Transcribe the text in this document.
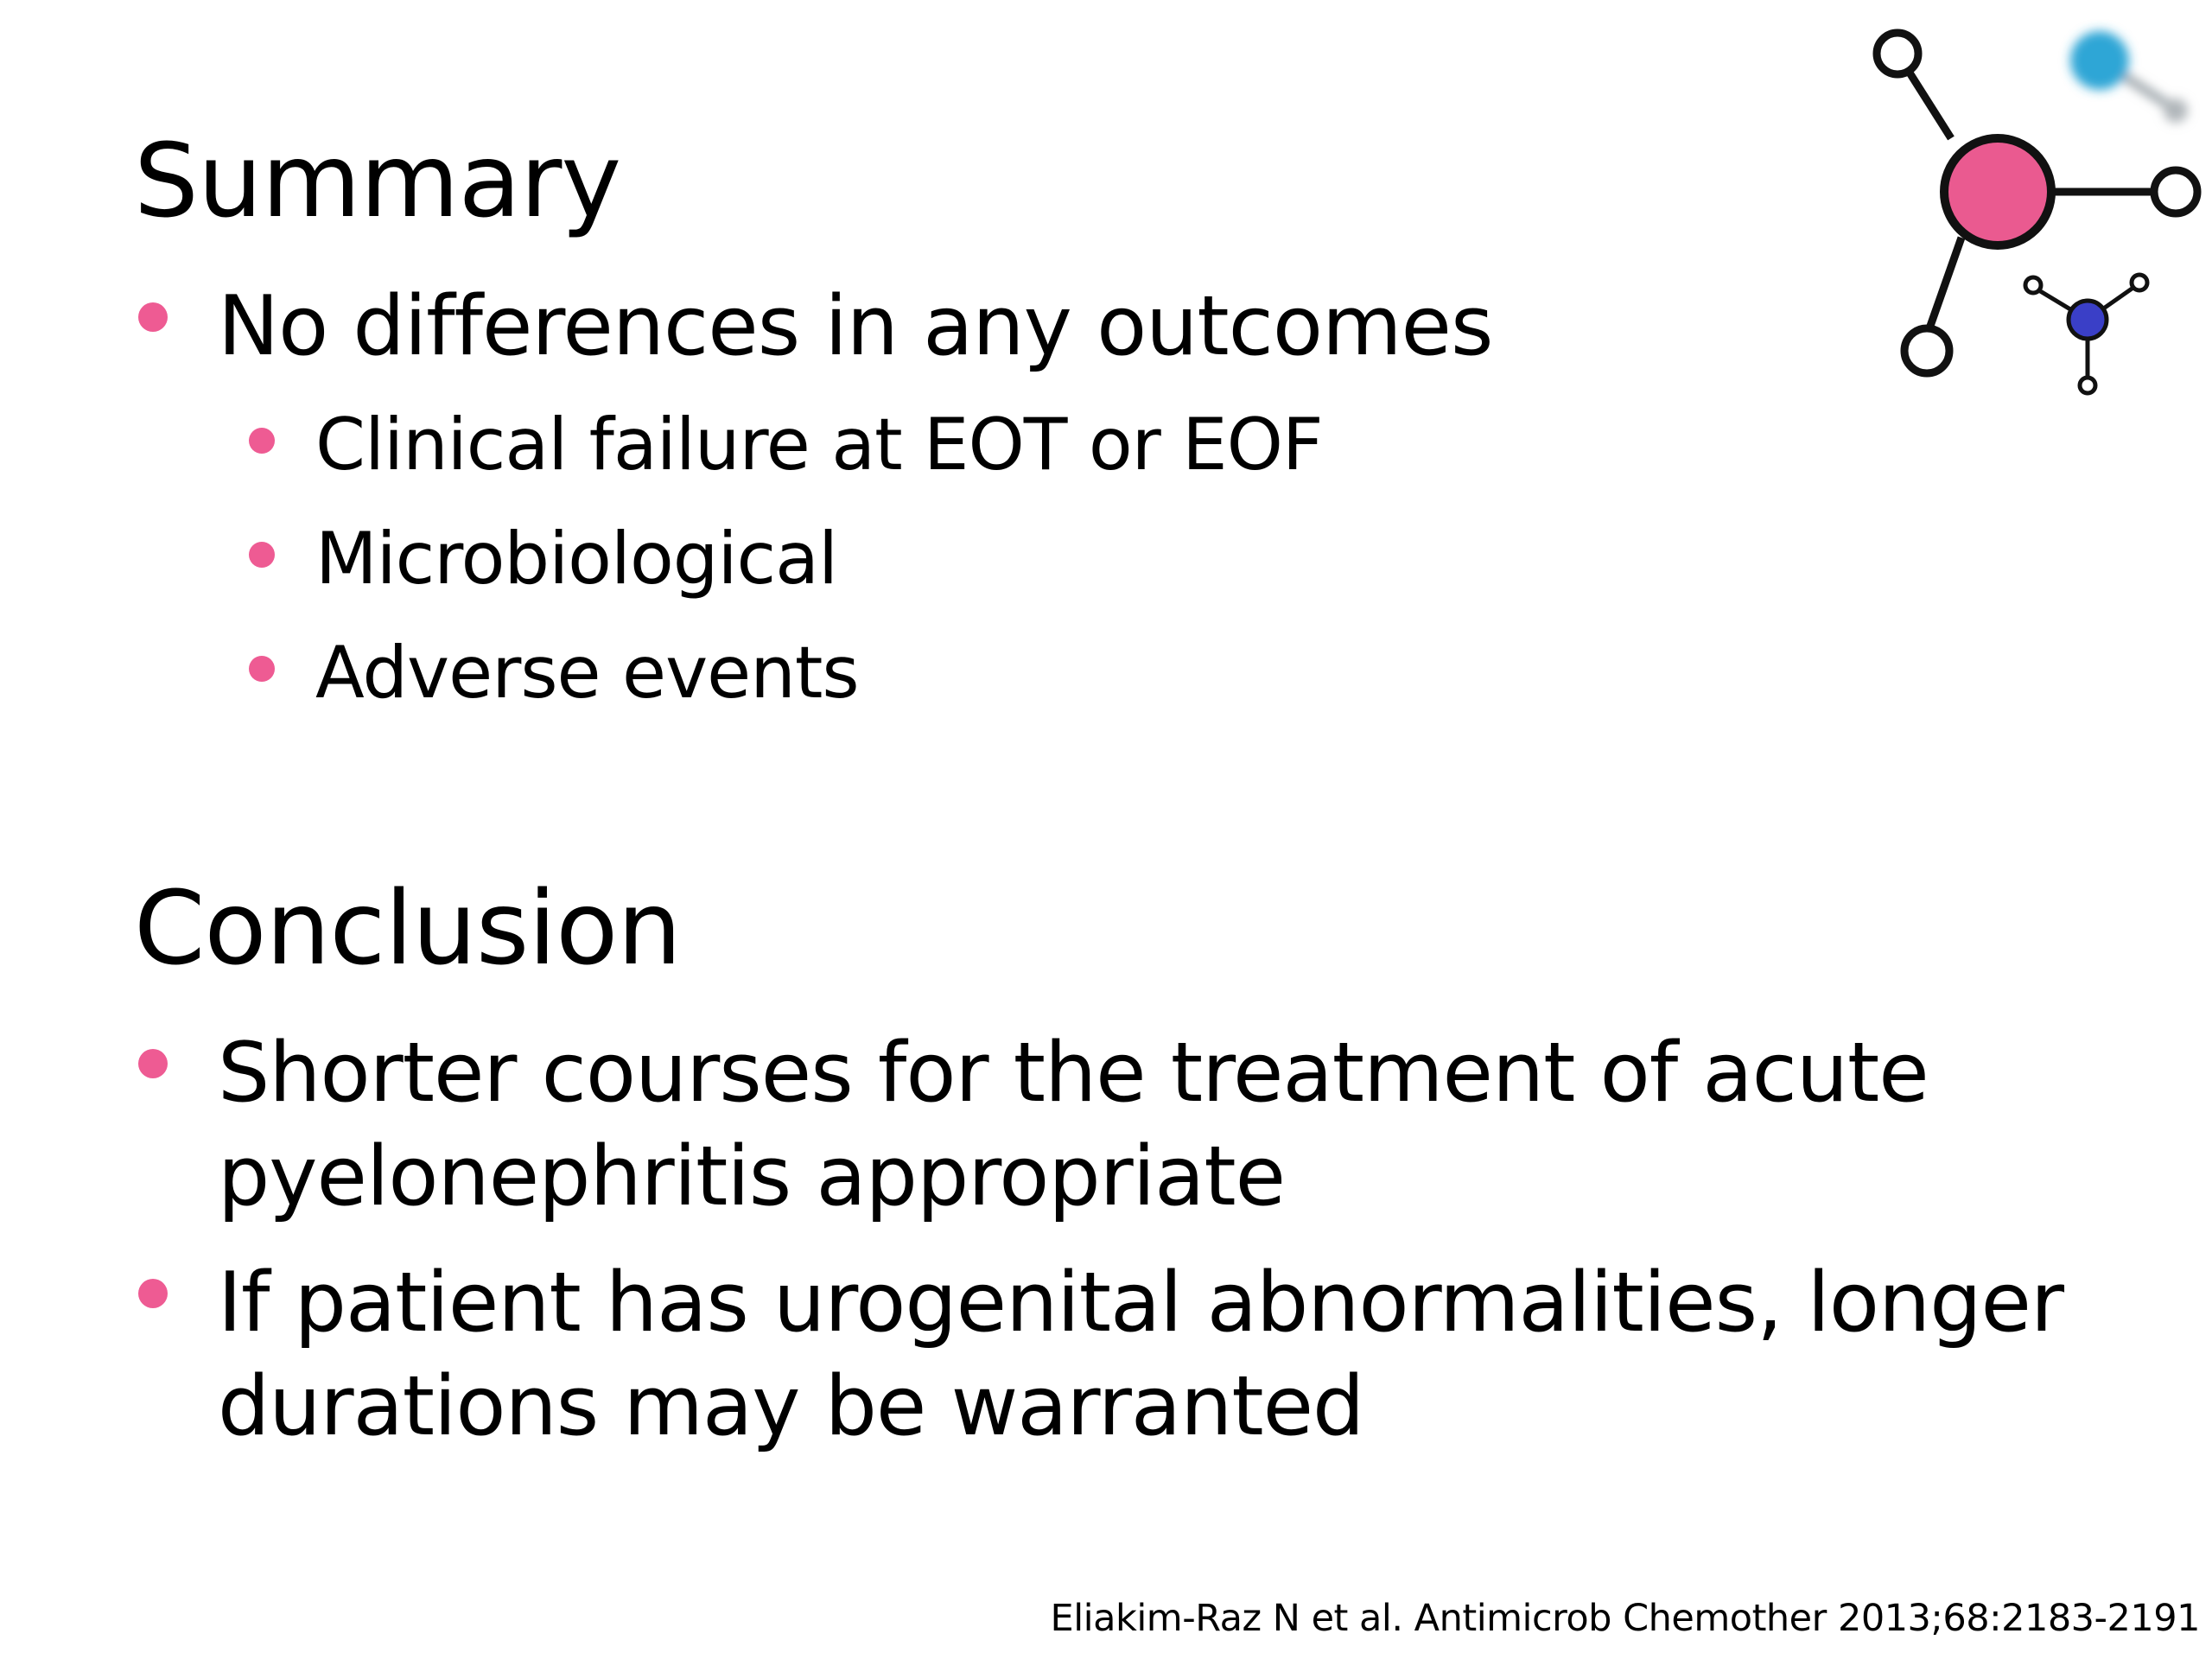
Summary

No differences in any outcomes

Clinical failure at EOT or EOF

Microbiological

Adverse events

Conclusion

Shorter courses for the treatment of acute

pyelonephritis appropriate

If patient has urogenital abnormalities, longer

durations may be warranted

Eliakim-Raz N et al. Antimicrob Chemother 2013;68:2183-2191
